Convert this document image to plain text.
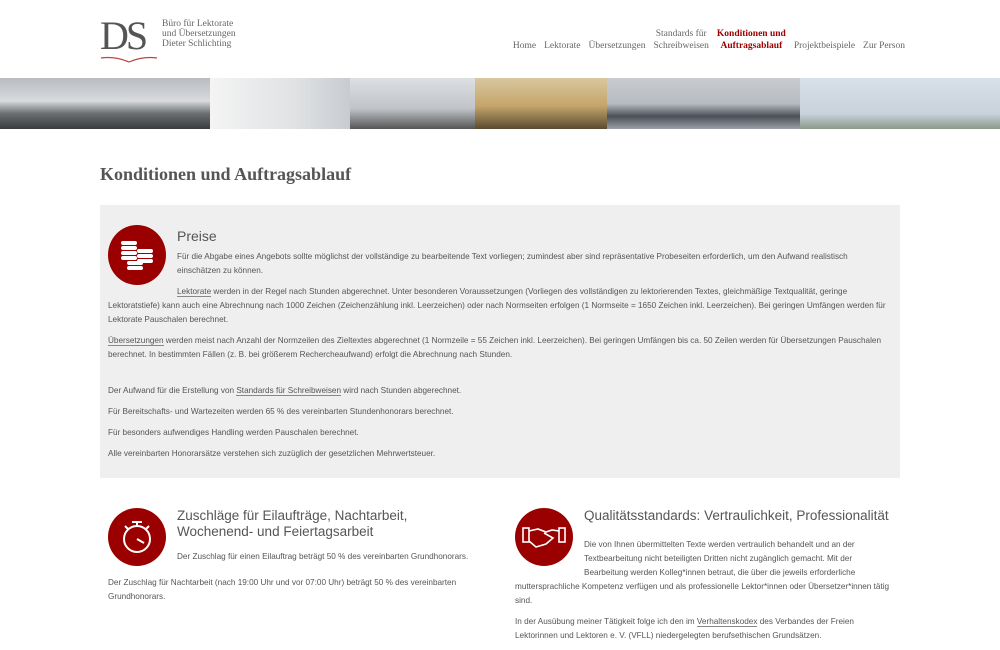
DS Büro für Lektorate
und Übersetzungen
Dieter Schlichting	Home Lektorate Übersetzungen
Standards für
Schreibweisen
Konditionen und
Auftragsablauf	Projektbeispiele Zur Person
Konditionen und Auftragsablauf
Preise

Für die Abgabe eines Angebots sollte möglichst der vollständige zu bearbeitende Text vorliegen; zumindest aber sind repräsentative Probeseiten erforderlich, um den Aufwand realistisch einschätzen zu können.

Lektorate werden in der Regel nach Stunden abgerechnet. Unter besonderen Voraussetzungen (Vorliegen des vollständigen zu lektorierenden Textes, gleichmäßige Textqualität, geringe Lektoratstiefe) kann auch eine Abrechnung nach 1000 Zeichen (Zeichenzählung inkl. Leerzeichen) oder nach Normseiten erfolgen (1 Normseite = 1650 Zeichen inkl. Leerzeichen). Bei geringen Umfängen werden für Lektorate Pauschalen berechnet.

Übersetzungen werden meist nach Anzahl der Normzeilen des Zieltextes abgerechnet (1 Normzeile = 55 Zeichen inkl. Leerzeichen). Bei geringen Umfängen bis ca. 50 Zeilen werden für Übersetzungen Pauschalen berechnet. In bestimmten Fällen (z. B. bei größerem Rechercheaufwand) erfolgt die Abrechnung nach Stunden.

Der Aufwand für die Erstellung von Standards für Schreibweisen wird nach Stunden abgerechnet.

Für Bereitschafts- und Wartezeiten werden 65 % des vereinbarten Stundenhonorars berechnet.

Für besonders aufwendiges Handling werden Pauschalen berechnet.

Alle vereinbarten Honorarsätze verstehen sich zuzüglich der gesetzlichen Mehrwertsteuer.

Zuschläge für Eilaufträge, Nachtarbeit, Wochenend- und Feiertagsarbeit

Der Zuschlag für einen Eilauftrag beträgt 50 % des vereinbarten Grundhonorars.

Der Zuschlag für Nachtarbeit (nach 19:00 Uhr und vor 07:00 Uhr) beträgt 50 % des vereinbarten Grundhonorars.

Qualitätsstandards: Vertraulichkeit, Professionalität

Die von Ihnen übermittelten Texte werden vertraulich behandelt und an der Textbearbeitung nicht beteiligten Dritten nicht zugänglich gemacht. Mit der Bearbeitung werden Kolleg*innen betraut, die über die jeweils erforderliche muttersprachliche Kompetenz verfügen und als professionelle Lektor*innen oder Übersetzer*innen tätig sind.

In der Ausübung meiner Tätigkeit folge ich den im Verhaltenskodex des Verbandes der Freien Lektorinnen und Lektoren e. V. (VFLL) niedergelegten berufsethischen Grundsätzen.
